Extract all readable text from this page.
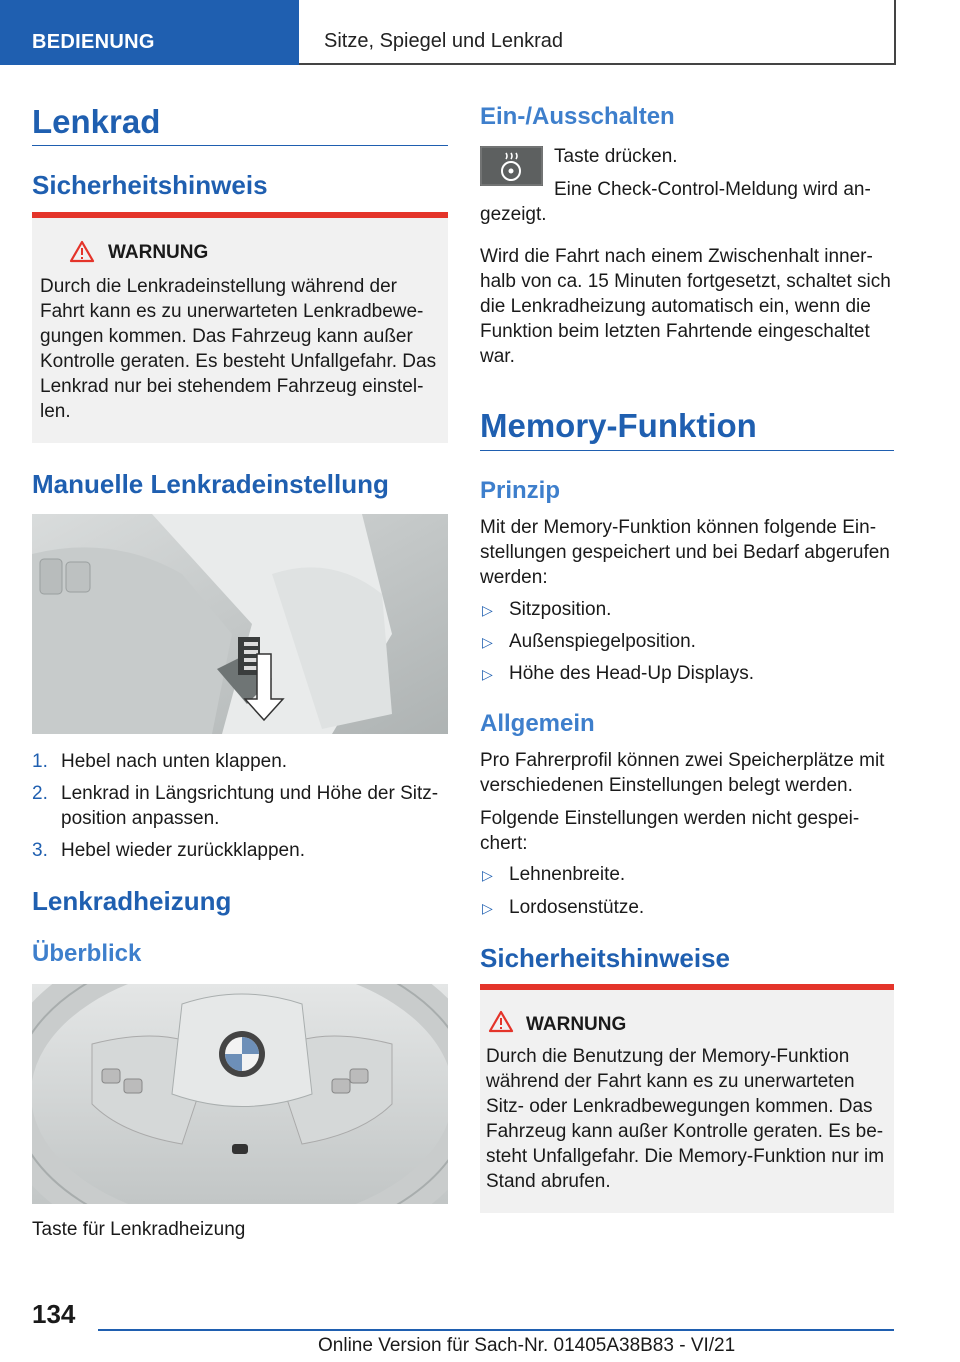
BEDIENUNG	Sitze, Spiegel und Lenkrad
Lenkrad
Sicherheitshinweis
WARNUNG
Durch die Lenkradeinstellung während der Fahrt kann es zu unerwarteten Lenkradbewe-gungen kommen. Das Fahrzeug kann außer Kontrolle geraten. Es besteht Unfallgefahr. Das Lenkrad nur bei stehendem Fahrzeug einstel-len.
Manuelle Lenkradeinstellung
1. Hebel nach unten klappen.
2. Lenkrad in Längsrichtung und Höhe der Sitz-position anpassen.
3. Hebel wieder zurückklappen.
Lenkradheizung
Überblick

Taste für Lenkradheizung

Ein-/Ausschalten

Taste drücken.

Eine Check-Control-Meldung wird an-gezeigt.

Wird die Fahrt nach einem Zwischenhalt inner-halb von ca. 15 Minuten fortgesetzt, schaltet sich die Lenkradheizung automatisch ein, wenn die Funktion beim letzten Fahrtende eingeschaltet war.

Memory-Funktion
Prinzip

Mit der Memory-Funktion können folgende Ein-stellungen gespeichert und bei Bedarf abgerufen werden:

▷ Sitzposition.
▷ Außenspiegelposition.
▷ Höhe des Head-Up Displays.
Allgemein

Pro Fahrerprofil können zwei Speicherplätze mit verschiedenen Einstellungen belegt werden.

Folgende Einstellungen werden nicht gespei-chert:

▷ Lehnenbreite.
▷ Lordosenstütze.
Sicherheitshinweise
WARNUNG
Durch die Benutzung der Memory-Funktion während der Fahrt kann es zu unerwarteten Sitz- oder Lenkradbewegungen kommen. Das Fahrzeug kann außer Kontrolle geraten. Es be-steht Unfallgefahr. Die Memory-Funktion nur im Stand abrufen.
134
Online Version für Sach-Nr. 01405A38B83 - VI/21
